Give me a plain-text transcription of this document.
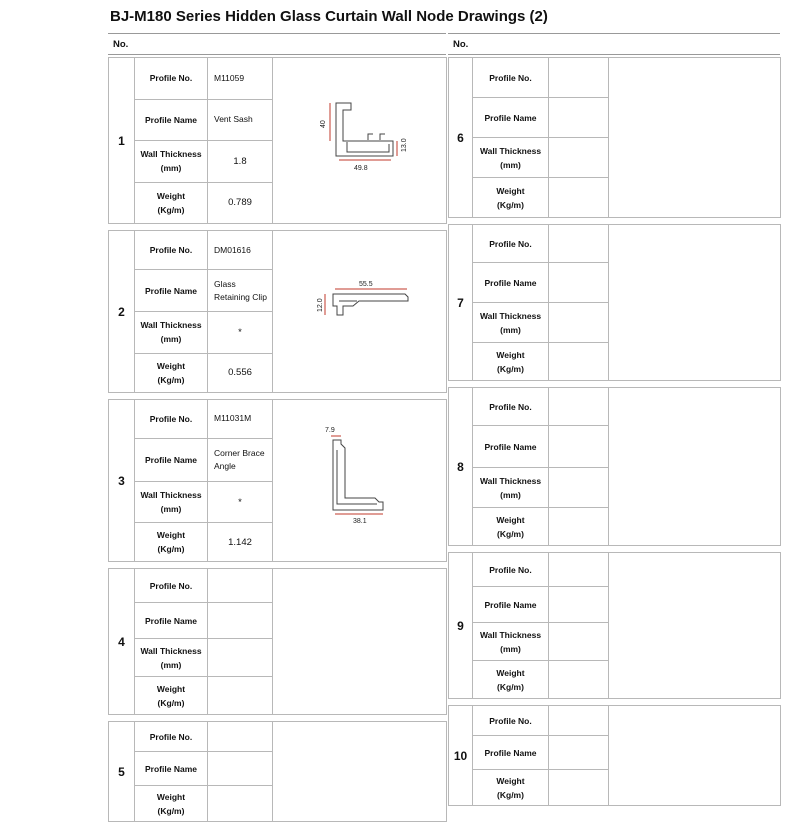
BJ-M180 Series Hidden Glass Curtain Wall Node Drawings (2)
No.	No.
1	Profile No.	M11059	40
49.8
13.0

	Profile Name	Vent Sash	
	Wall Thickness
(mm)	1.8	
	Weight
(Kg/m)	0.789	

2	Profile No.	DM01616	55.5
12.0

	Profile Name	Glass Retaining Clip	
	Wall Thickness
(mm)	*	
	Weight
(Kg/m)	0.556	

3	Profile No.	M11031M	7.9
38.1

	Profile Name	Corner Brace Angle	
	Wall Thickness
(mm)	*	
	Weight
(Kg/m)	1.142	

4	Profile No.		
	Profile Name		
	Wall Thickness
(mm)		
	Weight
(Kg/m)		

5	Profile No.		
	Profile Name		
	Weight
(Kg/m)		
6	Profile No.		
	Profile Name		
	Wall Thickness
(mm)		
	Weight
(Kg/m)		

7	Profile No.		
	Profile Name		
	Wall Thickness
(mm)		
	Weight
(Kg/m)		

8	Profile No.		
	Profile Name		
	Wall Thickness
(mm)		
	Weight
(Kg/m)		

9	Profile No.		
	Profile Name		
	Wall Thickness
(mm)		
	Weight
(Kg/m)		

10	Profile No.		
	Profile Name		
	Weight
(Kg/m)		
